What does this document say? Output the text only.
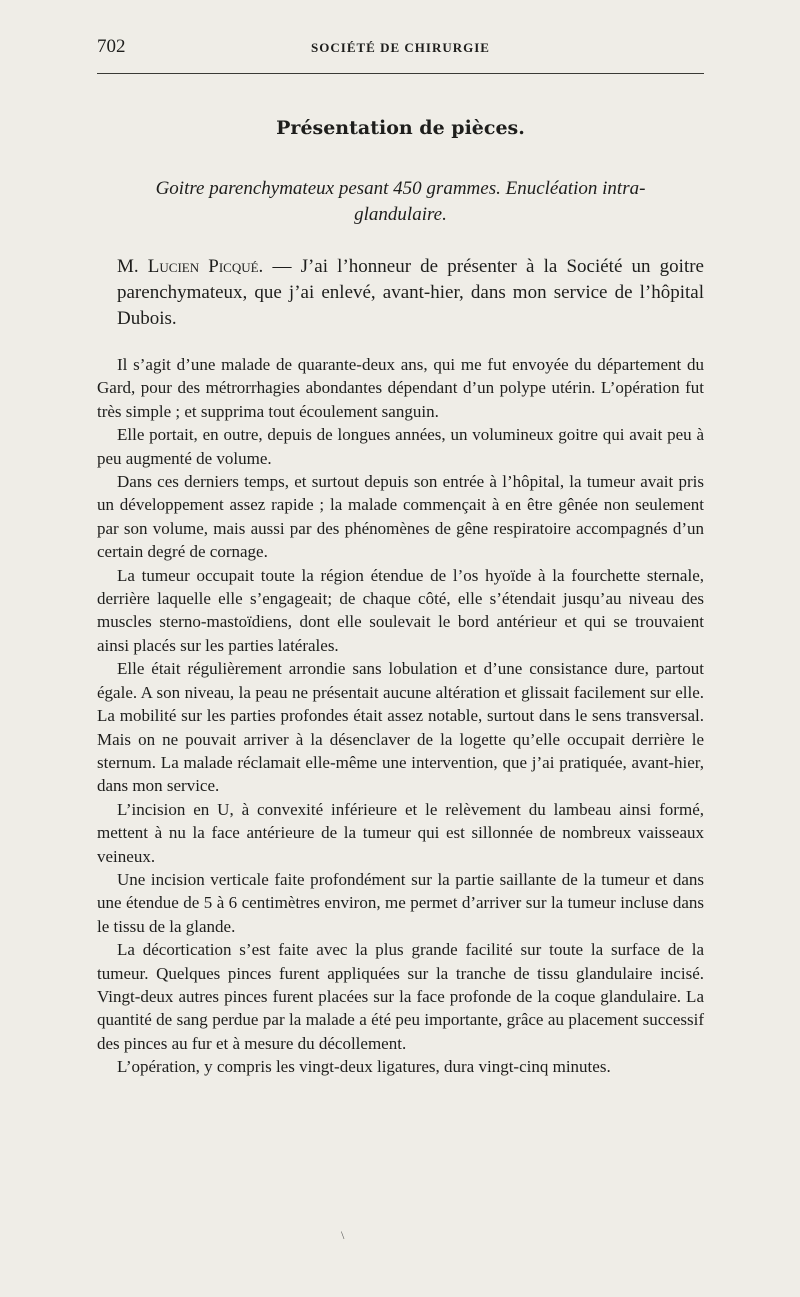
702	SOCIÉTÉ DE CHIRURGIE
Présentation de pièces.
Goitre parenchymateux pesant 450 grammes. Enucléation intra-
glandulaire.

M. Lucien Picqué. — J’ai l’honneur de présenter à la Société un goitre parenchymateux, que j’ai enlevé, avant-hier, dans mon service de l’hôpital Dubois.

Il s’agit d’une malade de quarante-deux ans, qui me fut envoyée du département du Gard, pour des métrorrhagies abondantes dépendant d’un polype utérin. L’opération fut très simple ; et supprima tout écoulement sanguin.

Elle portait, en outre, depuis de longues années, un volumineux goitre qui avait peu à peu augmenté de volume.

Dans ces derniers temps, et surtout depuis son entrée à l’hôpital, la tumeur avait pris un développement assez rapide ; la malade commençait à en être gênée non seulement par son volume, mais aussi par des phénomènes de gêne respiratoire accompagnés d’un certain degré de cornage.

La tumeur occupait toute la région étendue de l’os hyoïde à la fourchette sternale, derrière laquelle elle s’engageait; de chaque côté, elle s’étendait jusqu’au niveau des muscles sterno-mastoïdiens, dont elle soulevait le bord antérieur et qui se trouvaient ainsi placés sur les parties latérales.

Elle était régulièrement arrondie sans lobulation et d’une consistance dure, partout égale. A son niveau, la peau ne présentait aucune altération et glissait facilement sur elle. La mobilité sur les parties profondes était assez notable, surtout dans le sens transversal. Mais on ne pouvait arriver à la désenclaver de la logette qu’elle occupait derrière le sternum. La malade réclamait elle-même une intervention, que j’ai pratiquée, avant-hier, dans mon service.

L’incision en U, à convexité inférieure et le relèvement du lambeau ainsi formé, mettent à nu la face antérieure de la tumeur qui est sillonnée de nombreux vaisseaux veineux.

Une incision verticale faite profondément sur la partie saillante de la tumeur et dans une étendue de 5 à 6 centimètres environ, me permet d’arriver sur la tumeur incluse dans le tissu de la glande.

La décortication s’est faite avec la plus grande facilité sur toute la surface de la tumeur. Quelques pinces furent appliquées sur la tranche de tissu glandulaire incisé. Vingt-deux autres pinces furent placées sur la face profonde de la coque glandulaire. La quantité de sang perdue par la malade a été peu importante, grâce au placement successif des pinces au fur et à mesure du décollement.

L’opération, y compris les vingt-deux ligatures, dura vingt-cinq minutes.

\
